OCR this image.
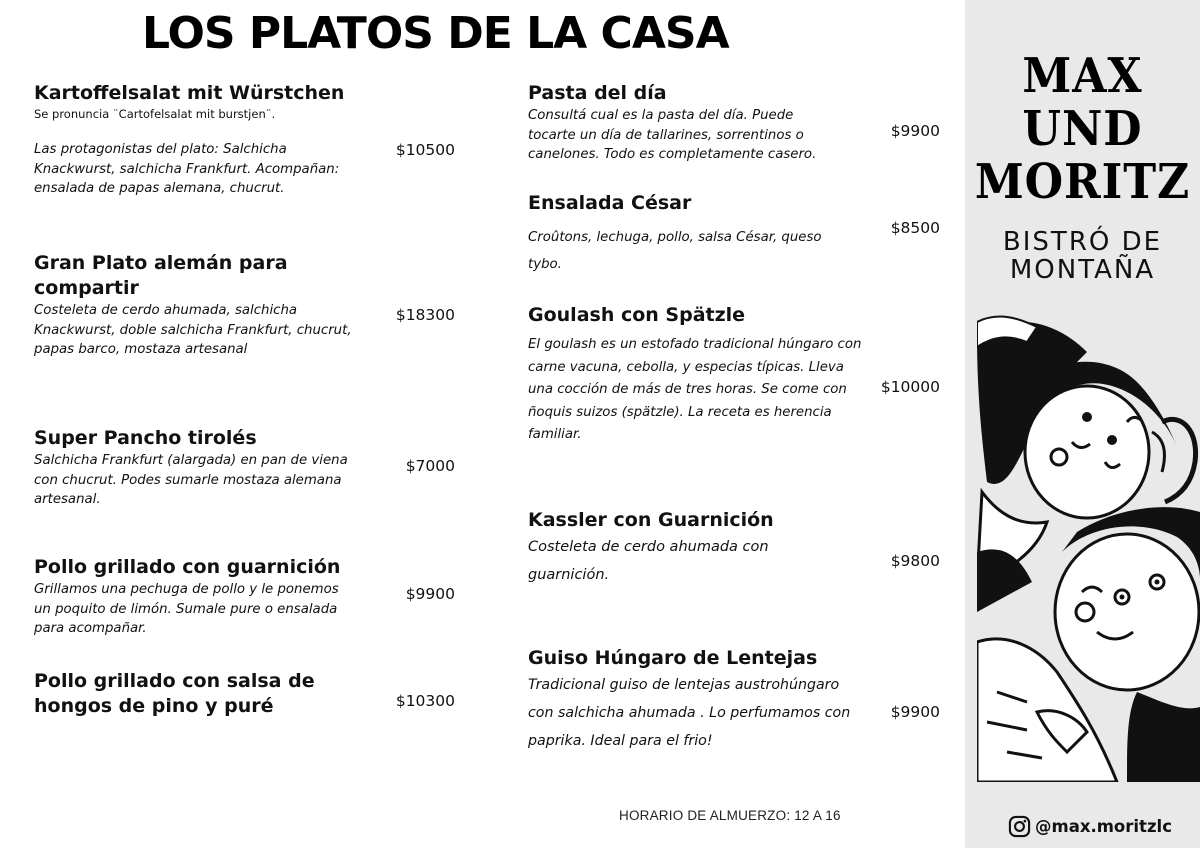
LOS PLATOS DE LA CASA
Kartoffelsalat mit Würstchen
Se pronuncia ¨Cartofelsalat mit burstjen¨.
Las protagonistas del plato: Salchicha Knackwurst, salchicha Frankfurt. Acompañan: ensalada de papas alemana, chucrut.
$10500
Gran Plato alemán para compartir
Costeleta de cerdo ahumada, salchicha Knackwurst, doble salchicha Frankfurt, chucrut, papas barco, mostaza artesanal
$18300
Super Pancho tirolés
Salchicha Frankfurt (alargada) en pan de viena con chucrut. Podes sumarle mostaza alemana artesanal.
$7000
Pollo grillado con guarnición
Grillamos una pechuga de pollo y le ponemos un poquito de limón. Sumale pure o ensalada para acompañar.
$9900
Pollo grillado con salsa de hongos de pino y puré	$10300
Pasta del día
Consultá cual es la pasta del día. Puede tocarte un día de tallarines, sorrentinos o canelones. Todo es completamente casero.
$9900
Ensalada César
Croûtons, lechuga, pollo, salsa César, queso tybo.
$8500
Goulash con Spätzle
El goulash es un estofado tradicional húngaro con carne vacuna, cebolla, y especias típicas. Lleva una cocción de más de tres horas. Se come con ñoquis suizos (spätzle). La receta es herencia familiar.
$10000
Kassler con Guarnición
Costeleta de cerdo ahumada con guarnición.
$9800
Guiso Húngaro de Lentejas
Tradicional guiso de lentejas austrohúngaro con salchicha ahumada . Lo perfumamos con paprika. Ideal para el frio!
$9900
HORARIO DE ALMUERZO: 12 A 16
MAX
UND
MORITZ
BISTRÓ DE
MONTAÑA
@max.moritzlc
